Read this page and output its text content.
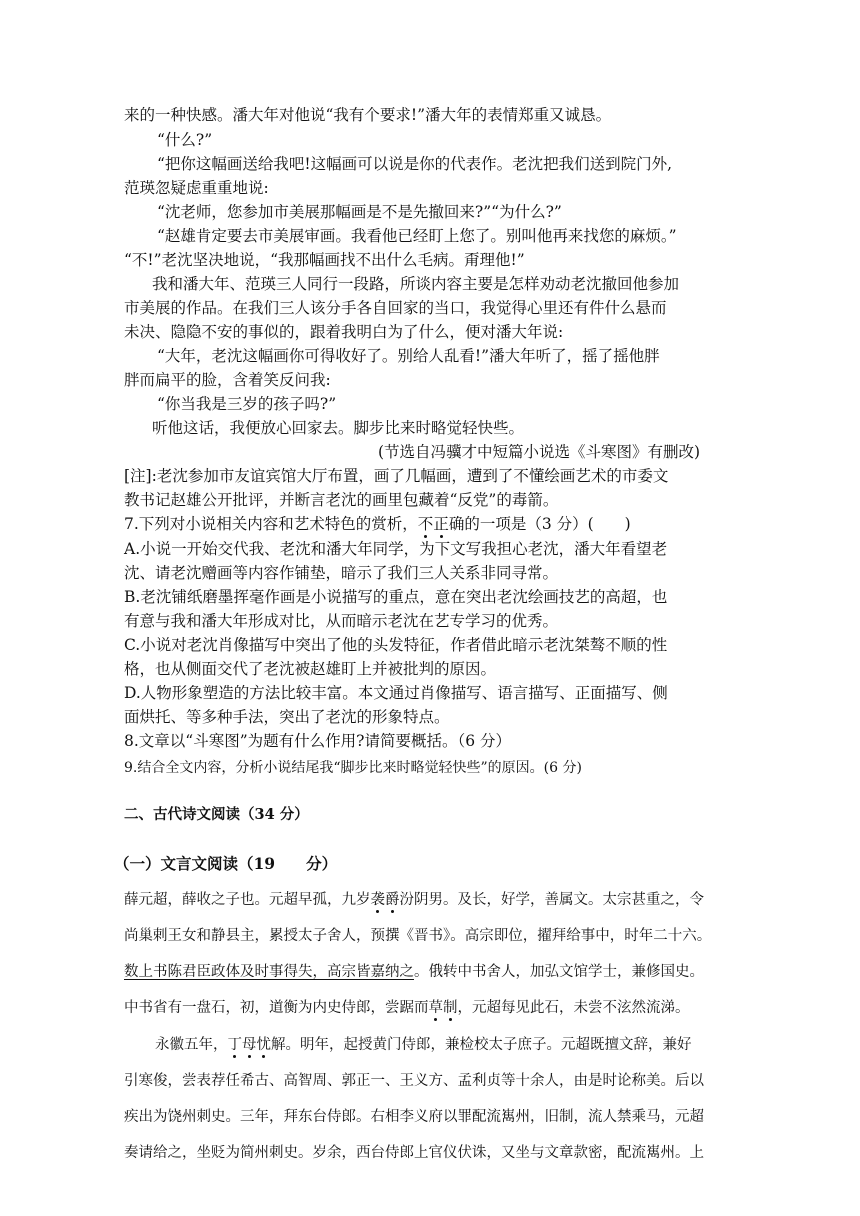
来的一种快感。潘大年对他说“我有个要求!”潘大年的表情郑重又诚恳。
“什么?”
“把你这幅画送给我吧!这幅画可以说是你的代表作。老沈把我们送到院门外,
范瑛忽疑虑重重地说:
“沈老师，您参加市美展那幅画是不是先撤回来?”“为什么?”
“赵雄肯定要去市美展审画。我看他已经盯上您了。别叫他再来找您的麻烦。”
“不!”老沈坚决地说，“我那幅画找不出什么毛病。甭理他!”
我和潘大年、范瑛三人同行一段路，所谈内容主要是怎样劝动老沈撤回他参加
市美展的作品。在我们三人该分手各自回家的当口，我觉得心里还有件什么悬而
未决、隐隐不安的事似的，跟着我明白为了什么，便对潘大年说:
“大年，老沈这幅画你可得收好了。别给人乱看!”潘大年听了，摇了摇他胖
胖而扁平的脸，含着笑反问我:
“你当我是三岁的孩子吗?”
听他这话，我便放心回家去。脚步比来时略觉轻快些。
(节选自冯骥才中短篇小说选《斗寒图》有删改)
[注]:老沈参加市友谊宾馆大厅布置，画了几幅画，遭到了不懂绘画艺术的市委文
教书记赵雄公开批评，并断言老沈的画里包藏着“反党”的毒箭。
7.下列对小说相关内容和艺术特色的赏析，不正确的一项是（3 分）(　　)
A.小说一开始交代我、老沈和潘大年同学，为下文写我担心老沈，潘大年看望老
沈、请老沈赠画等内容作铺垫，暗示了我们三人关系非同寻常。
B.老沈铺纸磨墨挥毫作画是小说描写的重点，意在突出老沈绘画技艺的高超，也
有意与我和潘大年形成对比，从而暗示老沈在艺专学习的优秀。
C.小说对老沈肖像描写中突出了他的头发特征，作者借此暗示老沈桀骜不顺的性
格，也从侧面交代了老沈被赵雄盯上并被批判的原因。
D.人物形象塑造的方法比较丰富。本文通过肖像描写、语言描写、正面描写、侧
面烘托、等多种手法，突出了老沈的形象特点。
8.文章以“斗寒图”为题有什么作用?请简要概括。（6 分）
9.结合全文内容，分析小说结尾我“脚步比来时略觉轻快些”的原因。(6 分)
二、古代诗文阅读（34 分）
（一）文言文阅读（19　　分）
薛元超，薛收之子也。元超早孤，九岁袭爵汾阴男。及长，好学，善属文。太宗甚重之，令
尚巢剌王女和静县主，累授太子舍人，预撰《晋书》。高宗即位，擢拜给事中，时年二十六。
数上书陈君臣政体及时事得失，高宗皆嘉纳之。俄转中书舍人，加弘文馆学士，兼修国史。
中书省有一盘石，初，道衡为内史侍郎，尝踞而草制，元超每见此石，未尝不泫然流涕。
永徽五年，丁母忧解。明年，起授黄门侍郎，兼检校太子庶子。元超既擅文辞，兼好
引寒俊，尝表荐任希古、高智周、郭正一、王义方、孟利贞等十余人，由是时论称美。后以
疾出为饶州刺史。三年，拜东台侍郎。右相李义府以罪配流嶲州，旧制，流人禁乘马，元超
奏请给之，坐贬为简州刺史。岁余，西台侍郎上官仪伏诛，又坐与文章款密，配流嶲州。上
